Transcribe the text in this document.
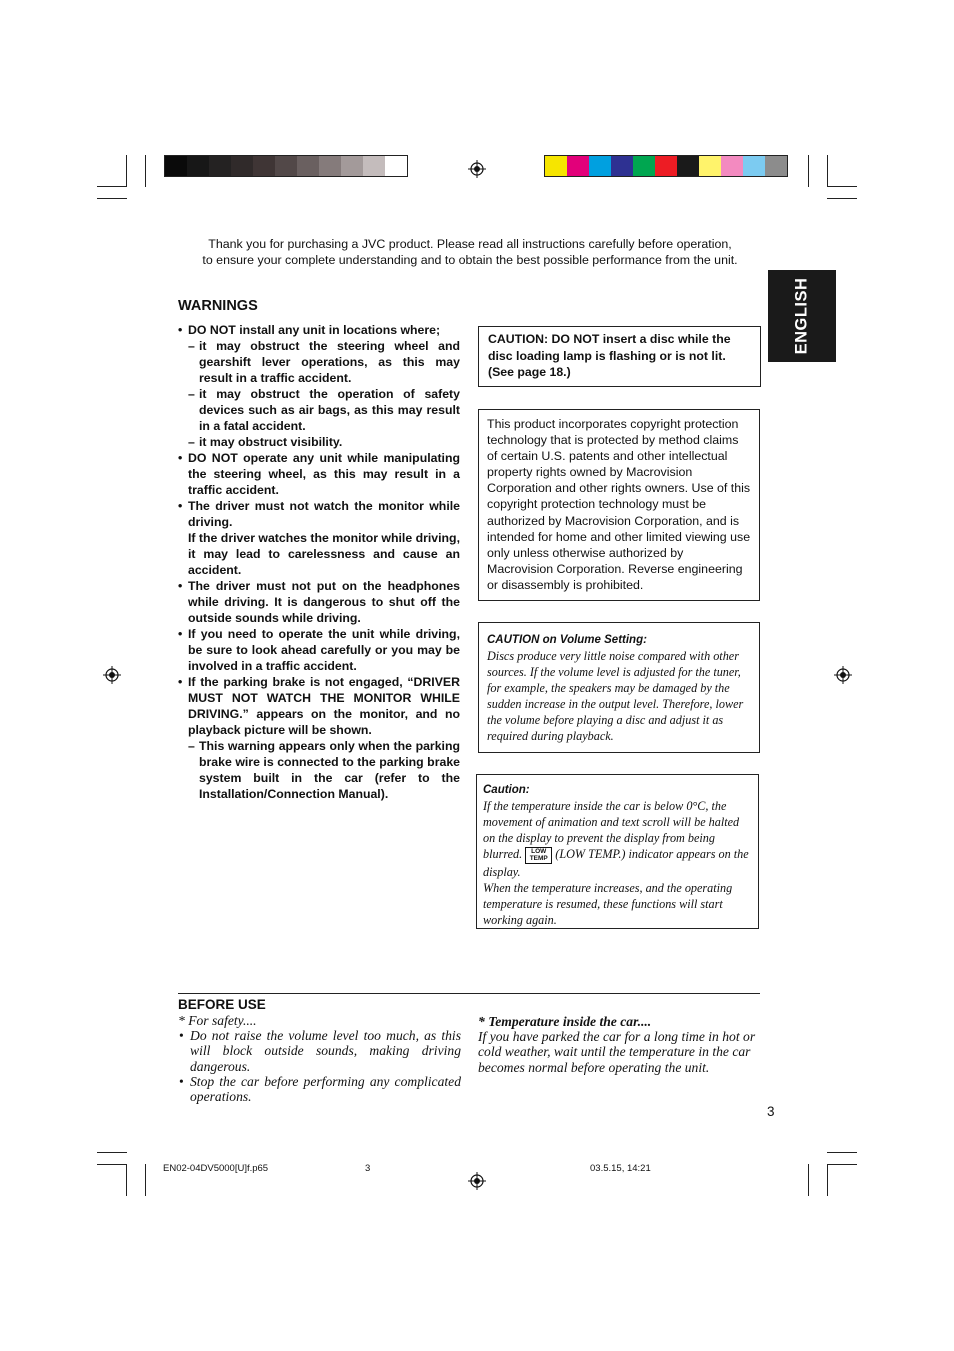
Thank you for purchasing a JVC product. Please read all instructions carefully before operation,

to ensure your complete understanding and to obtain the best possible performance from the unit.

ENGLISH
WARNINGS
• DO NOT install any unit in locations where;
– it may obstruct the steering wheel and gearshift lever operations, as this may result in a traffic accident.
– it may obstruct the operation of safety devices such as air bags, as this may result in a fatal accident.
– it may obstruct visibility.
• DO NOT operate any unit while manipulating the steering wheel, as this may result in a traffic accident.
• The driver must not watch the monitor while driving.
If the driver watches the monitor while driving, it may lead to carelessness and cause an accident.
• The driver must not put on the headphones while driving. It is dangerous to shut off the outside sounds while driving.
• If you need to operate the unit while driving, be sure to look ahead carefully or you may be involved in a traffic accident.
• If the parking brake is not engaged, “DRIVER MUST NOT WATCH THE MONITOR WHILE DRIVING.” appears on the monitor, and no playback picture will be shown.
– This warning appears only when the parking brake wire is connected to the parking brake system built in the car (refer to the Installation/Connection Manual).
CAUTION: DO NOT insert a disc while the disc loading lamp is flashing or is not lit. (See page 18.)
This product incorporates copyright protection technology that is protected by method claims of certain U.S. patents and other intellectual property rights owned by Macrovision Corporation and other rights owners. Use of this copyright protection technology must be authorized by Macrovision Corporation, and is intended for home and other limited viewing use only unless otherwise authorized by Macrovision Corporation. Reverse engineering or disassembly is prohibited.
CAUTION on Volume Setting:
Discs produce very little noise compared with other sources. If the volume level is adjusted for the tuner, for example, the speakers may be damaged by the sudden increase in the output level. Therefore, lower the volume before playing a disc and adjust it as required during playback.
Caution:
If the temperature inside the car is below 0°C, the movement of animation and text scroll will be halted on the display to prevent the display from being blurred. LOW
TEMP (LOW TEMP.) indicator appears on the display.
When the temperature increases, and the operating temperature is resumed, these functions will start working again.
BEFORE USE
* For safety....
• Do not raise the volume level too much, as this will block outside sounds, making driving dangerous.
• Stop the car before performing any complicated operations.
* Temperature inside the car....
If you have parked the car for a long time in hot or cold weather, wait until the temperature in the car becomes normal before operating the unit.
3
EN02-04DV5000[U]f.p65	3	03.5.15, 14:21
